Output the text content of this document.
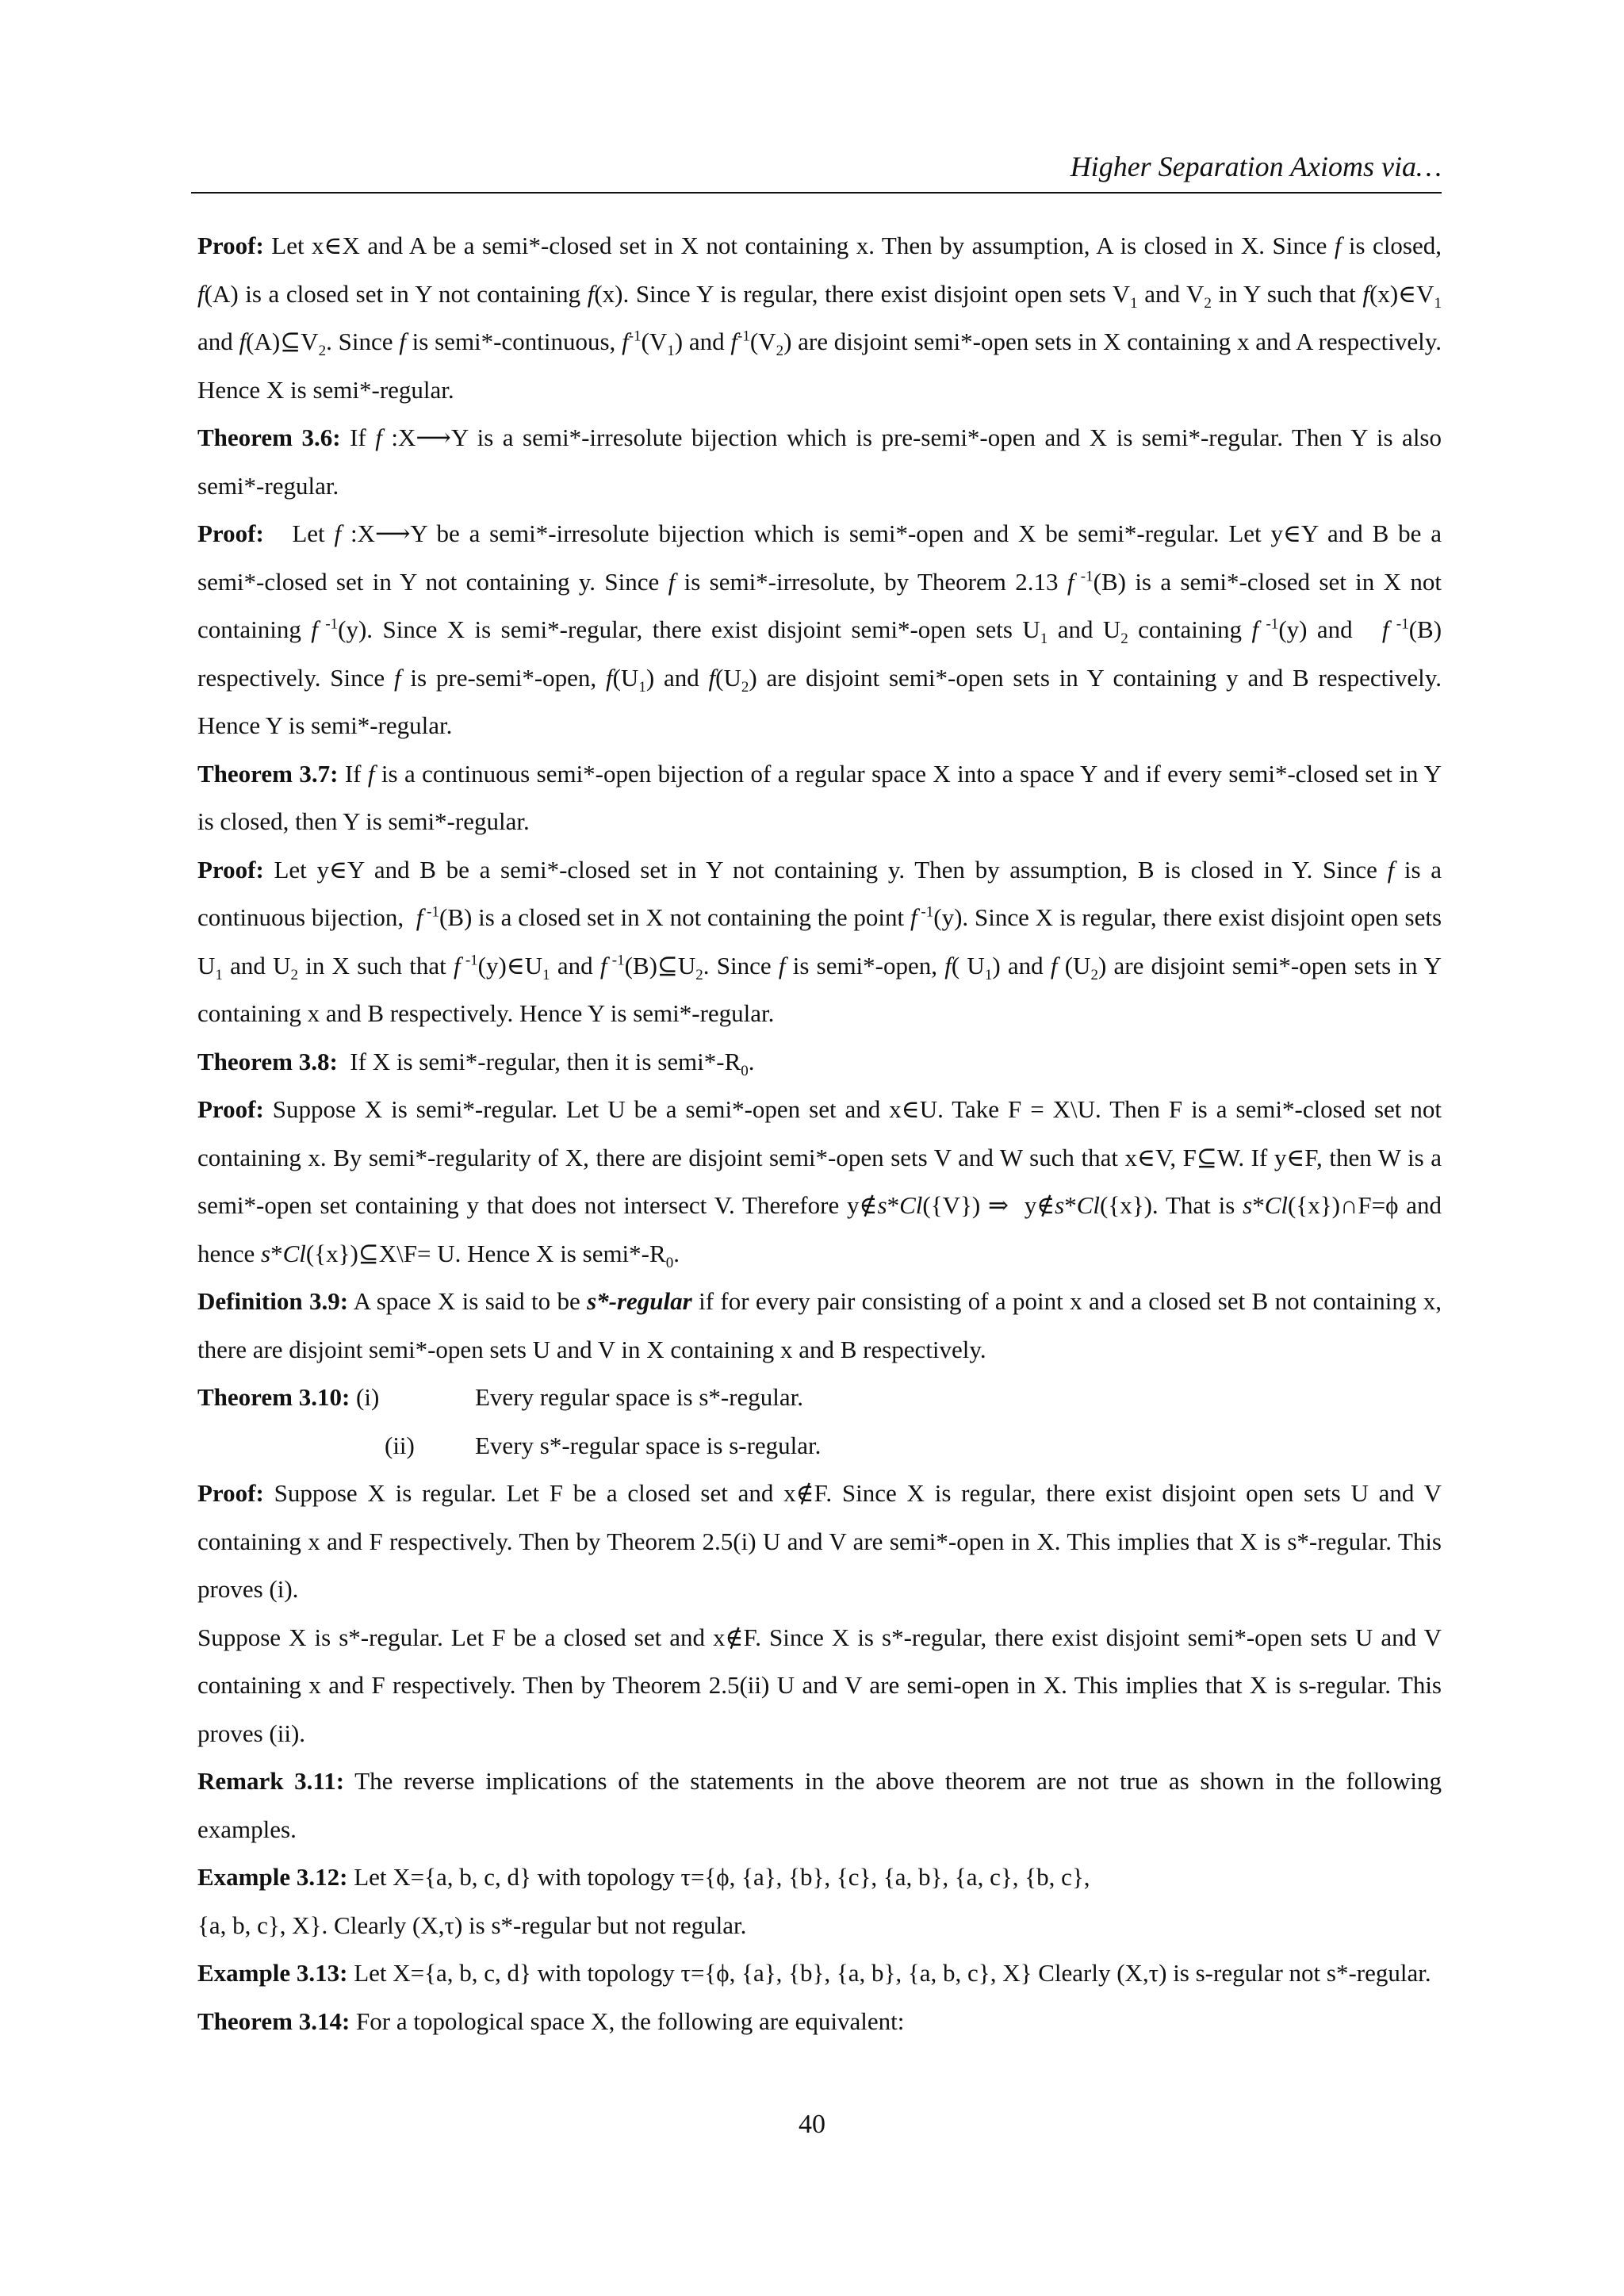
Higher Separation Axioms via…

Proof: Let x∈X and A be a semi*-closed set in X not containing x. Then by assumption, A is closed in X. Since f is closed, f(A) is a closed set in Y not containing f(x). Since Y is regular, there exist disjoint open sets $V_1$ and $V_2$ in Y such that $f(x)\in V_1$ and $f(A)⊆V_2$. Since f is semi*-continuous, $f^{-1}(V_1)$ and $f^{-1}(V_2)$ are disjoint semi*-open sets in X containing x and A respectively. Hence X is semi*-regular.

Theorem 3.6: If f :X⟶Y is a semi*-irresolute bijection which is pre-semi*-open and X is semi*-regular. Then Y is also semi*-regular.

Proof:   Let f :X⟶Y be a semi*-irresolute bijection which is semi*-open and X be semi*-regular. Let y∈Y and B be a semi*-closed set in Y not containing y. Since f is semi*-irresolute, by Theorem 2.13 f $^{-1}$(B) is a semi*-closed set in X not containing f $^{-1}$(y). Since X is semi*-regular, there exist disjoint semi*-open sets $U_1$ and $U_2$ containing f $^{-1}$(y) and   f $^{-1}$(B) respectively. Since f is pre-semi*-open, $f(U_1)$ and $f(U_2)$ are disjoint semi*-open sets in Y containing y and B respectively. Hence Y is semi*-regular.

Theorem 3.7: If f is a continuous semi*-open bijection of a regular space X into a space Y and if every semi*-closed set in Y is closed, then Y is semi*-regular.

Proof: Let y∈Y and B be a semi*-closed set in Y not containing y. Then by assumption, B is closed in Y. Since f is a continuous bijection,  f $^{-1}$(B) is a closed set in X not containing the point f $^{-1}$(y). Since X is regular, there exist disjoint open sets $U_1$ and $U_2$ in X such that f $^{-1}(y)\in U_1$ and f $^{-1}(B)⊆U_2$. Since f is semi*-open, f( $U_1$) and f $(U_2)$ are disjoint semi*-open sets in Y containing x and B respectively. Hence Y is semi*-regular.

Theorem 3.8:  If X is semi*-regular, then it is $semi*-R_0$.

Proof: Suppose X is semi*-regular. Let U be a semi*-open set and x∈U. Take F = X\U. Then F is a semi*-closed set not containing x. By semi*-regularity of X, there are disjoint semi*-open sets V and W such that x∈V, F⊆W. If y∈F, then W is a semi*-open set containing y that does not intersect V. Therefore y∉s*Cl({V}) ⇒  y∉s*Cl({x}). That is s*Cl({x})∩F=ϕ and hence s*Cl({x})⊆X\F= U. Hence X is $semi*-R_0$.

Definition 3.9: A space X is said to be s*-regular if for every pair consisting of a point x and a closed set B not containing x, there are disjoint semi*-open sets U and V in X containing x and B respectively.

Theorem 3.10: (i)	Every regular space is s*-regular.
(ii)	Every s*-regular space is s-regular.

Proof: Suppose X is regular. Let F be a closed set and x∉F. Since X is regular, there exist disjoint open sets U and V containing x and F respectively. Then by Theorem 2.5(i) U and V are semi*-open in X. This implies that X is s*-regular. This proves (i).

Suppose X is s*-regular. Let F be a closed set and x∉F. Since X is s*-regular, there exist disjoint semi*-open sets U and V containing x and F respectively. Then by Theorem 2.5(ii) U and V are semi-open in X. This implies that X is s-regular. This proves (ii).

Remark 3.11: The reverse implications of the statements in the above theorem are not true as shown in the following examples.

Example 3.12: Let X={a, b, c, d} with topology τ={ϕ, {a}, {b}, {c}, {a, b}, {a, c}, {b, c},
{a, b, c}, X}. Clearly (X,τ) is s*-regular but not regular.

Example 3.13: Let X={a, b, c, d} with topology τ={ϕ, {a}, {b}, {a, b}, {a, b, c}, X} Clearly (X,τ) is s-regular not s*-regular.

Theorem 3.14: For a topological space X, the following are equivalent:

40
